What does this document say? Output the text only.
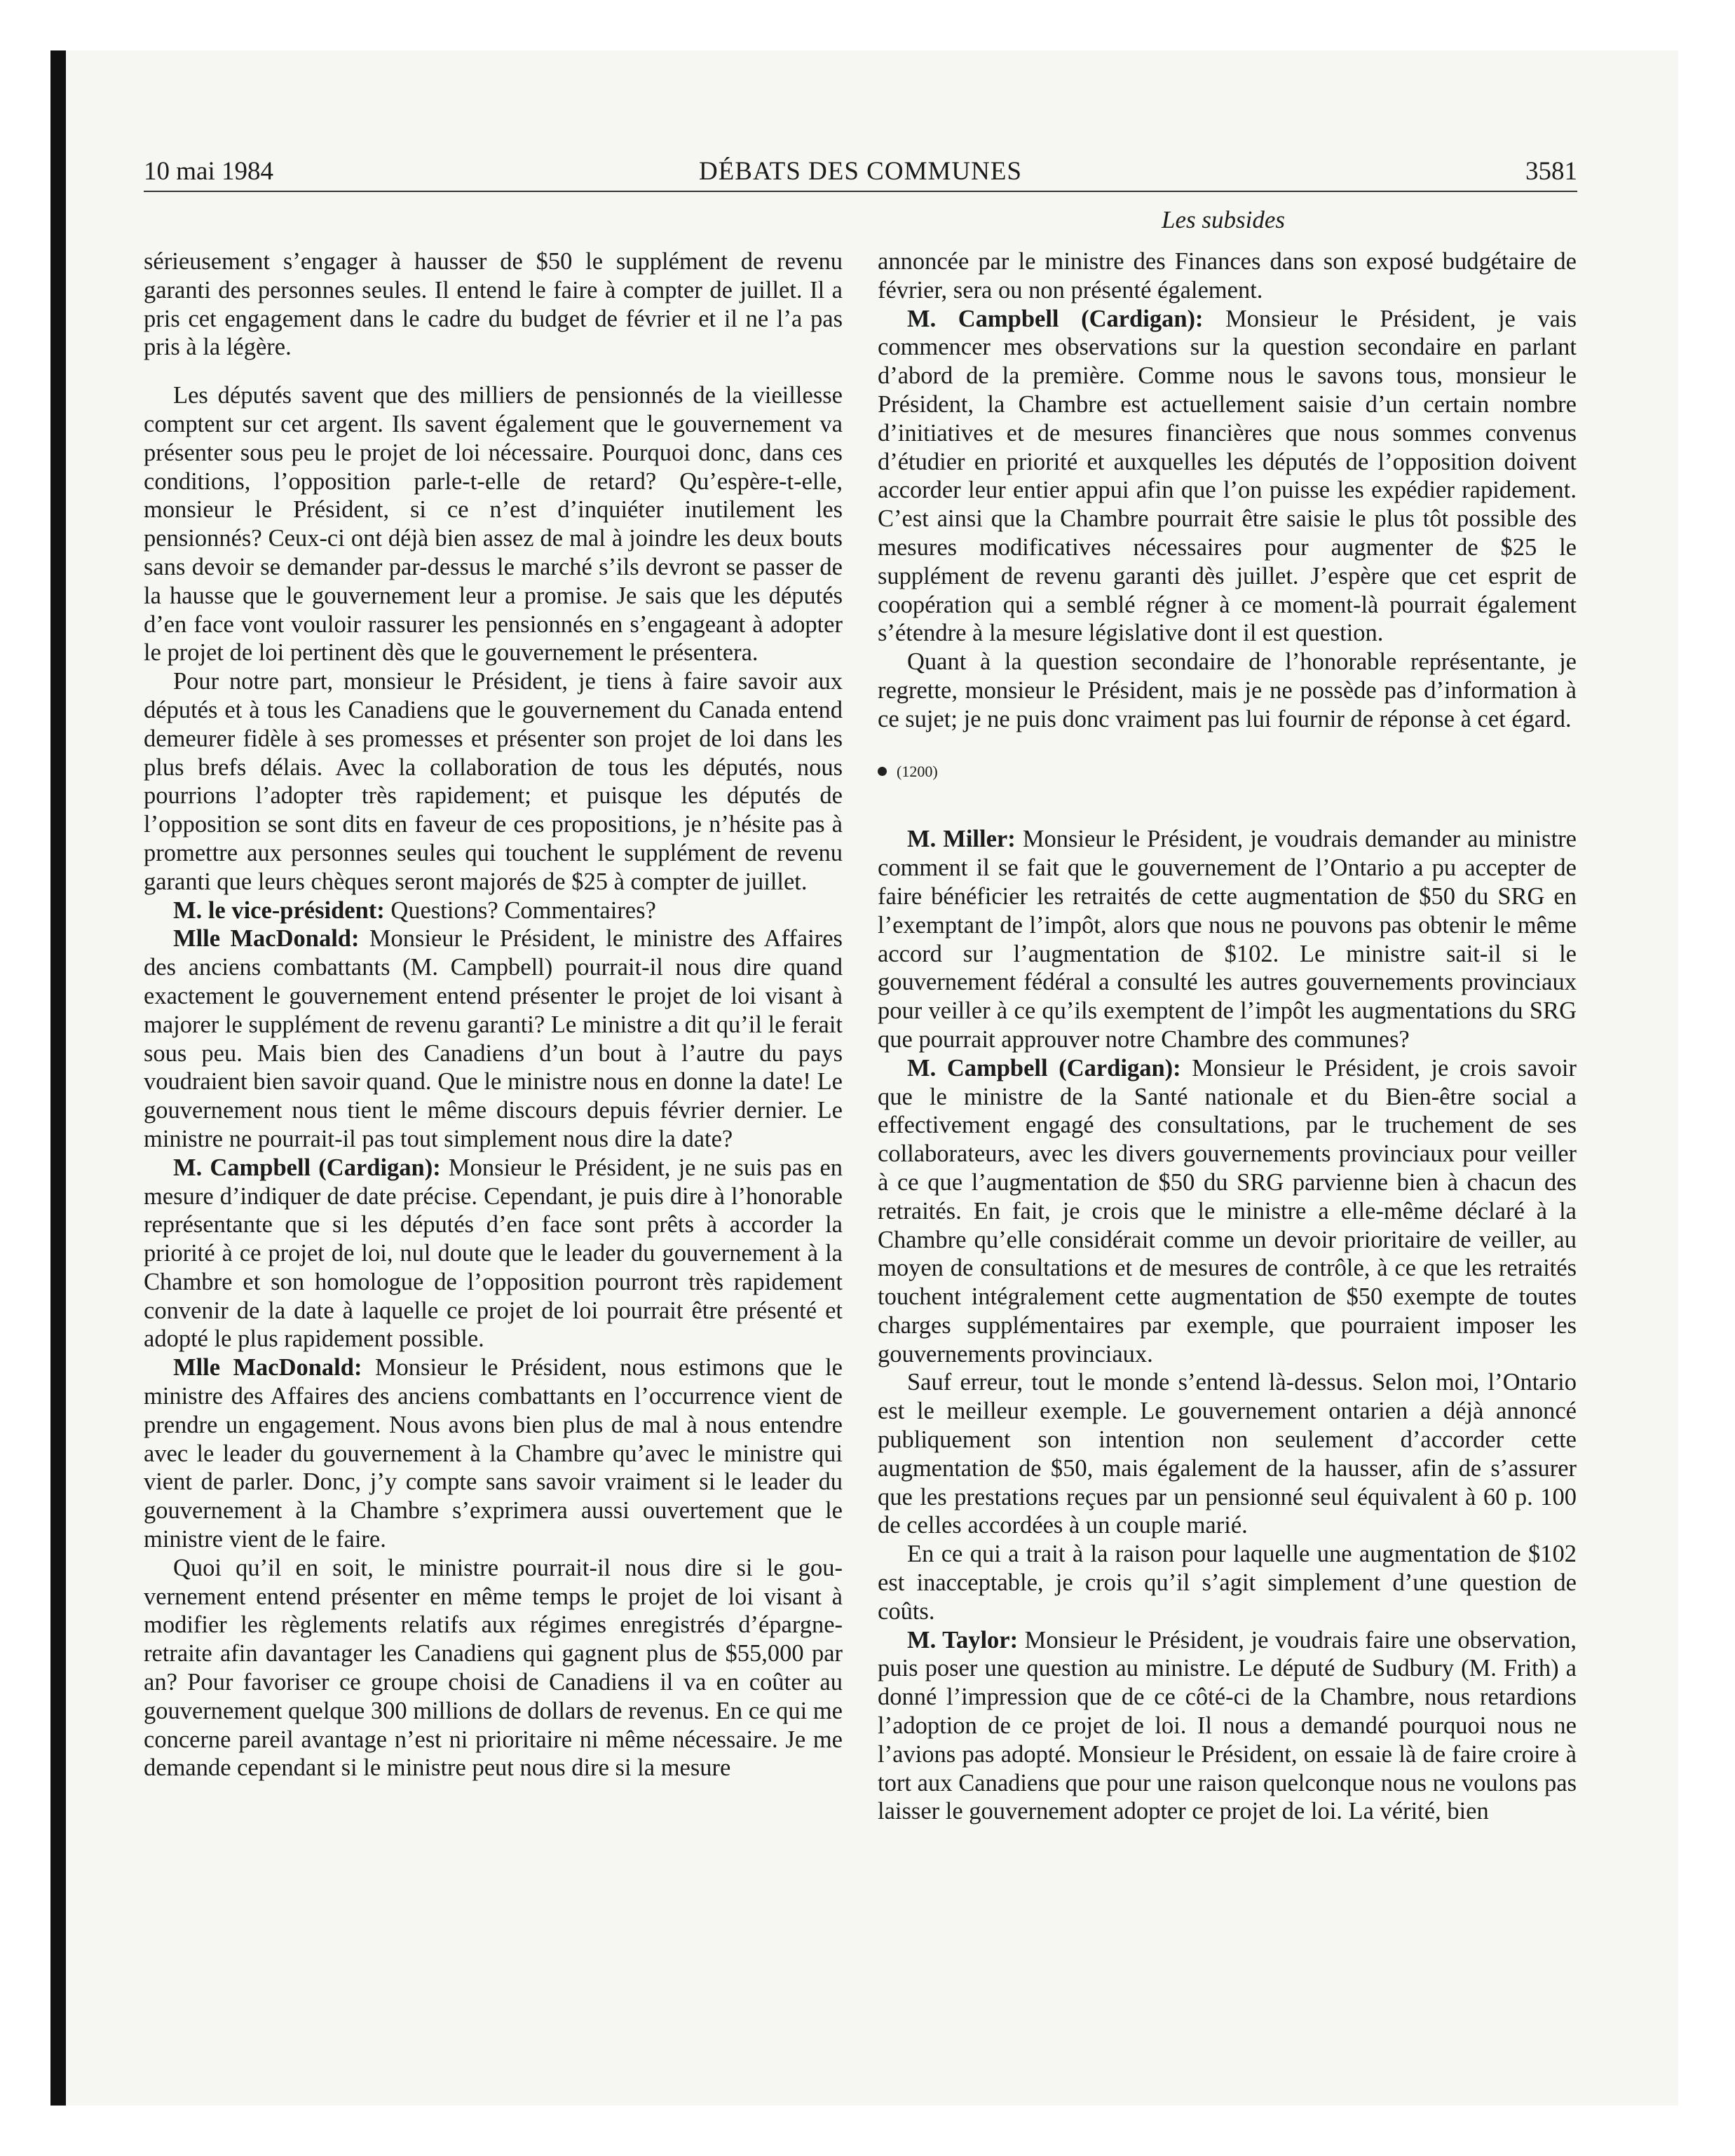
10 mai 1984	DÉBATS DES COMMUNES	3581
Les subsides

sérieusement s’engager à hausser de $50 le supplément de revenu garanti des personnes seules. Il entend le faire à compter de juillet. Il a pris cet engagement dans le cadre du budget de février et il ne l’a pas pris à la légère.

Les députés savent que des milliers de pensionnés de la vieillesse comptent sur cet argent. Ils savent également que le gouvernement va présenter sous peu le projet de loi nécessaire. Pourquoi donc, dans ces conditions, l’opposition parle-t-elle de retard? Qu’espère-t-elle, monsieur le Président, si ce n’est d’inquiéter inutilement les pensionnés? Ceux-ci ont déjà bien assez de mal à joindre les deux bouts sans devoir se demander par-dessus le marché s’ils devront se passer de la hausse que le gouvernement leur a promise. Je sais que les députés d’en face vont vouloir rassurer les pensionnés en s’engageant à adopter le projet de loi pertinent dès que le gouvernement le présentera.

Pour notre part, monsieur le Président, je tiens à faire savoir aux députés et à tous les Canadiens que le gouvernement du Canada entend demeurer fidèle à ses promesses et présenter son projet de loi dans les plus brefs délais. Avec la collaboration de tous les députés, nous pourrions l’adopter très rapidement; et puisque les députés de l’opposition se sont dits en faveur de ces propositions, je n’hésite pas à promettre aux personnes seules qui touchent le supplément de revenu garanti que leurs chèques seront majorés de $25 à compter de juillet.

M. le vice-président: Questions? Commentaires?

Mlle MacDonald: Monsieur le Président, le ministre des Affaires des anciens combattants (M. Campbell) pourrait-il nous dire quand exactement le gouvernement entend présenter le projet de loi visant à majorer le supplément de revenu garanti? Le ministre a dit qu’il le ferait sous peu. Mais bien des Canadiens d’un bout à l’autre du pays voudraient bien savoir quand. Que le ministre nous en donne la date! Le gouvernement nous tient le même discours depuis février dernier. Le ministre ne pourrait-il pas tout simplement nous dire la date?

M. Campbell (Cardigan): Monsieur le Président, je ne suis pas en mesure d’indiquer de date précise. Cependant, je puis dire à l’honorable représentante que si les députés d’en face sont prêts à accorder la priorité à ce projet de loi, nul doute que le leader du gouvernement à la Chambre et son homologue de l’opposition pourront très rapidement convenir de la date à laquelle ce projet de loi pourrait être présenté et adopté le plus rapidement possible.

Mlle MacDonald: Monsieur le Président, nous estimons que le ministre des Affaires des anciens combattants en l’occurrence vient de prendre un engagement. Nous avons bien plus de mal à nous entendre avec le leader du gouvernement à la Chambre qu’avec le ministre qui vient de parler. Donc, j’y compte sans savoir vraiment si le leader du gouvernement à la Chambre s’exprimera aussi ouvertement que le ministre vient de le faire.

Quoi qu’il en soit, le ministre pourrait-il nous dire si le gouvernement entend présenter en même temps le projet de loi visant à modifier les règlements relatifs aux régimes enregistrés d’épargne-retraite afin davantager les Canadiens qui gagnent plus de $55,000 par an? Pour favoriser ce groupe choisi de Canadiens il va en coûter au gouvernement quelque 300 millions de dollars de revenus. En ce qui me concerne pareil avantage n’est ni prioritaire ni même nécessaire. Je me demande cependant si le ministre peut nous dire si la mesure

annoncée par le ministre des Finances dans son exposé budgétaire de février, sera ou non présenté également.

M. Campbell (Cardigan): Monsieur le Président, je vais commencer mes observations sur la question secondaire en parlant d’abord de la première. Comme nous le savons tous, monsieur le Président, la Chambre est actuellement saisie d’un certain nombre d’initiatives et de mesures financières que nous sommes convenus d’étudier en priorité et auxquelles les députés de l’opposition doivent accorder leur entier appui afin que l’on puisse les expédier rapidement. C’est ainsi que la Chambre pourrait être saisie le plus tôt possible des mesures modificatives nécessaires pour augmenter de $25 le supplément de revenu garanti dès juillet. J’espère que cet esprit de coopération qui a semblé régner à ce moment-là pourrait également s’étendre à la mesure législative dont il est question.

Quant à la question secondaire de l’honorable représentante, je regrette, monsieur le Président, mais je ne possède pas d’information à ce sujet; je ne puis donc vraiment pas lui fournir de réponse à cet égard.

(1200)

M. Miller: Monsieur le Président, je voudrais demander au ministre comment il se fait que le gouvernement de l’Ontario a pu accepter de faire bénéficier les retraités de cette augmentation de $50 du SRG en l’exemptant de l’impôt, alors que nous ne pouvons pas obtenir le même accord sur l’augmentation de $102. Le ministre sait-il si le gouvernement fédéral a consulté les autres gouvernements provinciaux pour veiller à ce qu’ils exemptent de l’impôt les augmentations du SRG que pourrait approuver notre Chambre des communes?

M. Campbell (Cardigan): Monsieur le Président, je crois savoir que le ministre de la Santé nationale et du Bien-être social a effectivement engagé des consultations, par le truchement de ses collaborateurs, avec les divers gouvernements provinciaux pour veiller à ce que l’augmentation de $50 du SRG parvienne bien à chacun des retraités. En fait, je crois que le ministre a elle-même déclaré à la Chambre qu’elle considérait comme un devoir prioritaire de veiller, au moyen de consultations et de mesures de contrôle, à ce que les retraités touchent intégralement cette augmentation de $50 exempte de toutes charges supplémentaires par exemple, que pourraient imposer les gouvernements provinciaux.

Sauf erreur, tout le monde s’entend là-dessus. Selon moi, l’Ontario est le meilleur exemple. Le gouvernement ontarien a déjà annoncé publiquement son intention non seulement d’accorder cette augmentation de $50, mais également de la hausser, afin de s’assurer que les prestations reçues par un pensionné seul équivalent à 60 p. 100 de celles accordées à un couple marié.

En ce qui a trait à la raison pour laquelle une augmentation de $102 est inacceptable, je crois qu’il s’agit simplement d’une question de coûts.

M. Taylor: Monsieur le Président, je voudrais faire une observation, puis poser une question au ministre. Le député de Sudbury (M. Frith) a donné l’impression que de ce côté-ci de la Chambre, nous retardions l’adoption de ce projet de loi. Il nous a demandé pourquoi nous ne l’avions pas adopté. Monsieur le Président, on essaie là de faire croire à tort aux Canadiens que pour une raison quelconque nous ne voulons pas laisser le gouvernement adopter ce projet de loi. La vérité, bien
